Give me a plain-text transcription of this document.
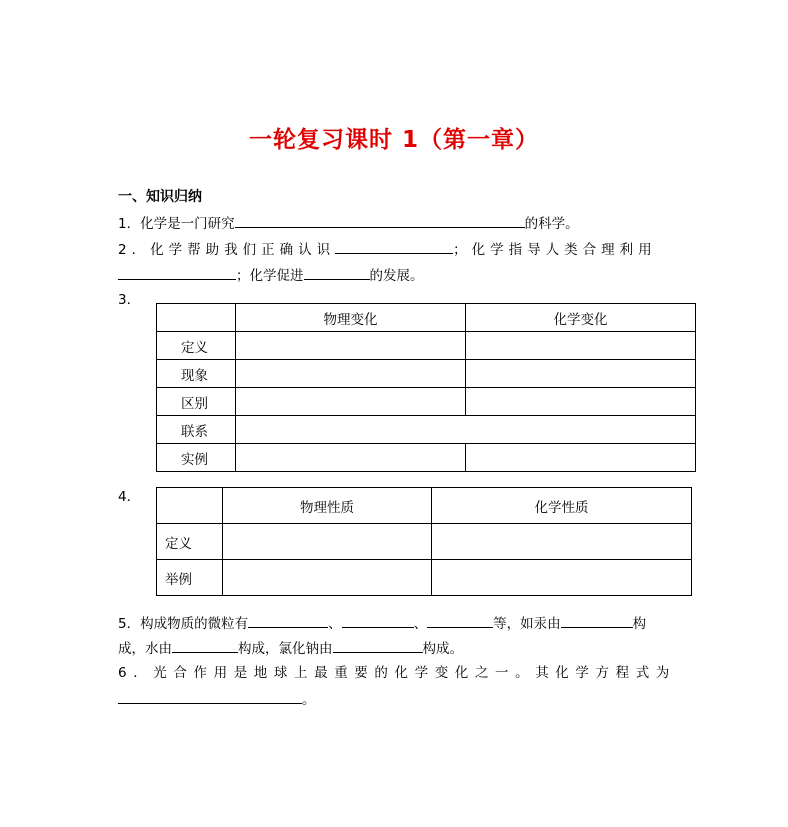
一轮复习课时 1（第一章）
一、知识归纳
1．化学是一门研究	的科学。
2．化学帮助我们正确认识	；化学指导人类合理利用
；化学促进	的发展。
3．
	物理变化	化学变化
定义		
现象		
区别		
联系		
实例		
4．
	物理性质	化学性质
定义		
举例		
5．构成物质的微粒有	、	、	等，如汞由	构
成，水由	构成，氯化钠由	构成。
6．光合作用是地球上最重要的化学变化之一。其化学方程式为
。
